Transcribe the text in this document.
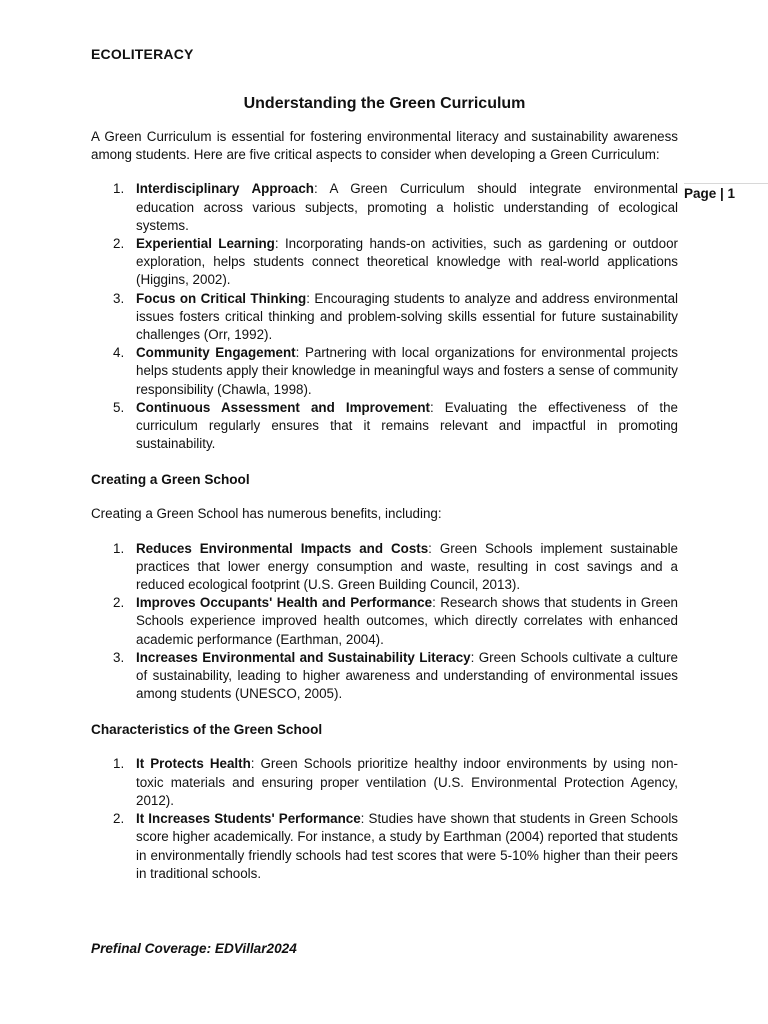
ECOLITERACY
Page | 1
Understanding the Green Curriculum

A Green Curriculum is essential for fostering environmental literacy and sustainability awareness among students. Here are five critical aspects to consider when developing a Green Curriculum:

1. Interdisciplinary Approach: A Green Curriculum should integrate environmental education across various subjects, promoting a holistic understanding of ecological systems.
2. Experiential Learning: Incorporating hands-on activities, such as gardening or outdoor exploration, helps students connect theoretical knowledge with real-world applications (Higgins, 2002).
3. Focus on Critical Thinking: Encouraging students to analyze and address environmental issues fosters critical thinking and problem-solving skills essential for future sustainability challenges (Orr, 1992).
4. Community Engagement: Partnering with local organizations for environmental projects helps students apply their knowledge in meaningful ways and fosters a sense of community responsibility (Chawla, 1998).
5. Continuous Assessment and Improvement: Evaluating the effectiveness of the curriculum regularly ensures that it remains relevant and impactful in promoting sustainability.
Creating a Green School

Creating a Green School has numerous benefits, including:

1. Reduces Environmental Impacts and Costs: Green Schools implement sustainable practices that lower energy consumption and waste, resulting in cost savings and a reduced ecological footprint (U.S. Green Building Council, 2013).
2. Improves Occupants' Health and Performance: Research shows that students in Green Schools experience improved health outcomes, which directly correlates with enhanced academic performance (Earthman, 2004).
3. Increases Environmental and Sustainability Literacy: Green Schools cultivate a culture of sustainability, leading to higher awareness and understanding of environmental issues among students (UNESCO, 2005).
Characteristics of the Green School
1. It Protects Health: Green Schools prioritize healthy indoor environments by using non-toxic materials and ensuring proper ventilation (U.S. Environmental Protection Agency, 2012).
2. It Increases Students' Performance: Studies have shown that students in Green Schools score higher academically. For instance, a study by Earthman (2004) reported that students in environmentally friendly schools had test scores that were 5-10% higher than their peers in traditional schools.
Prefinal Coverage: EDVillar2024
